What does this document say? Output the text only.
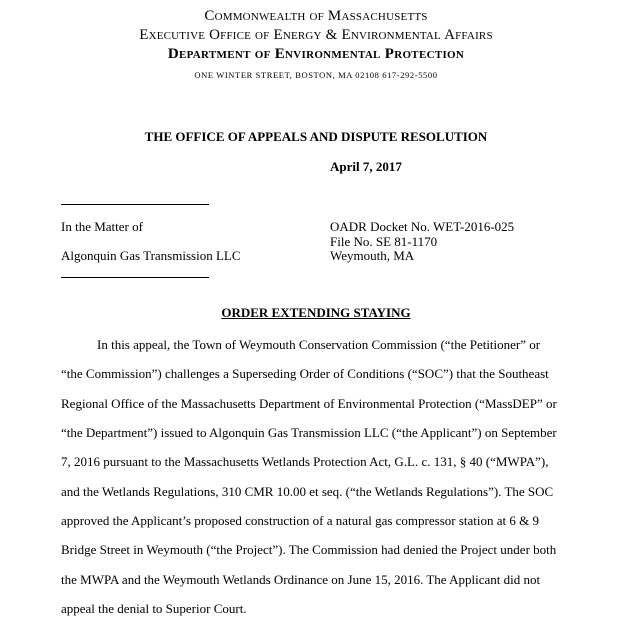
Commonwealth of Massachusetts
Executive Office of Energy & Environmental Affairs
Department of Environmental Protection
ONE WINTER STREET, BOSTON, MA 02108 617-292-5500
THE OFFICE OF APPEALS AND DISPUTE RESOLUTION
April 7, 2017
In the Matter of
Algonquin Gas Transmission LLC
OADR Docket No. WET-2016-025
File No. SE 81-1170
Weymouth, MA
ORDER EXTENDING STAYING
In this appeal, the Town of Weymouth Conservation Commission (“the Petitioner” or
“the Commission”) challenges a Superseding Order of Conditions (“SOC”) that the Southeast
Regional Office of the Massachusetts Department of Environmental Protection (“MassDEP” or
“the Department”) issued to Algonquin Gas Transmission LLC (“the Applicant”) on September
7, 2016 pursuant to the Massachusetts Wetlands Protection Act, G.L. c. 131, § 40 (“MWPA”),
and the Wetlands Regulations, 310 CMR 10.00 et seq. (“the Wetlands Regulations”). The SOC
approved the Applicant’s proposed construction of a natural gas compressor station at 6 & 9
Bridge Street in Weymouth (“the Project”). The Commission had denied the Project under both
the MWPA and the Weymouth Wetlands Ordinance on June 15, 2016. The Applicant did not
appeal the denial to Superior Court.
